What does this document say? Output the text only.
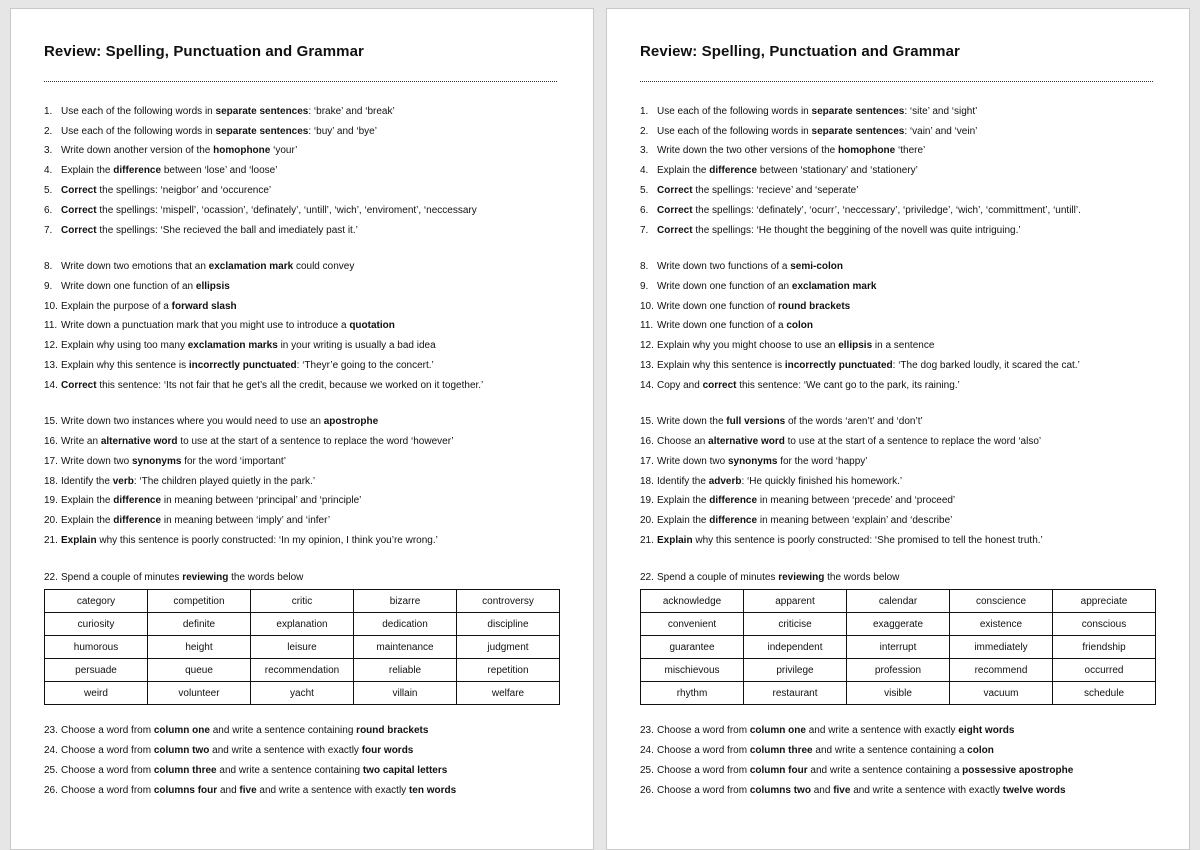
Review: Spelling, Punctuation and Grammar
1. Use each of the following words in separate sentences: ‘brake’ and ‘break’
2. Use each of the following words in separate sentences: ‘buy’ and ‘bye’
3. Write down another version of the homophone ‘your’
4. Explain the difference between ‘lose’ and ‘loose’
5. Correct the spellings: ‘neigbor’ and ‘occurence’
6. Correct the spellings: ‘mispell’, ‘ocassion’, ‘definately’, ‘untill’, ‘wich’, ‘enviroment’, ‘neccessary
7. Correct the spellings: ‘She recieved the ball and imediately past it.’
8. Write down two emotions that an exclamation mark could convey
9. Write down one function of an ellipsis
10. Explain the purpose of a forward slash
11. Write down a punctuation mark that you might use to introduce a quotation
12. Explain why using too many exclamation marks in your writing is usually a bad idea
13. Explain why this sentence is incorrectly punctuated: ‘Theyr’e going to the concert.’
14. Correct this sentence: ‘Its not fair that he get’s all the credit, because we worked on it together.’
15. Write down two instances where you would need to use an apostrophe
16. Write an alternative word to use at the start of a sentence to replace the word ‘however’
17. Write down two synonyms for the word ‘important’
18. Identify the verb: ‘The children played quietly in the park.’
19. Explain the difference in meaning between ‘principal’ and ‘principle’
20. Explain the difference in meaning between ‘imply’ and ‘infer’
21. Explain why this sentence is poorly constructed: ‘In my opinion, I think you’re wrong.’
22. Spend a couple of minutes reviewing the words below
23. Choose a word from column one and write a sentence containing round brackets
24. Choose a word from column two and write a sentence with exactly four words
25. Choose a word from column three and write a sentence containing two capital letters
26. Choose a word from columns four and five and write a sentence with exactly ten words
category	competition	critic	bizarre	controversy
curiosity	definite	explanation	dedication	discipline
humorous	height	leisure	maintenance	judgment
persuade	queue	recommendation	reliable	repetition
weird	volunteer	yacht	villain	welfare
Review: Spelling, Punctuation and Grammar
1. Use each of the following words in separate sentences: ‘site’ and ‘sight’
2. Use each of the following words in separate sentences: ‘vain’ and ‘vein’
3. Write down the two other versions of the homophone ‘there’
4. Explain the difference between ‘stationary’ and ‘stationery’
5. Correct the spellings: ‘recieve’ and ‘seperate’
6. Correct the spellings: ‘definately’, ‘ocurr’, ‘neccessary’, ‘priviledge’, ‘wich’, ‘committment’, ‘untill’.
7. Correct the spellings: ‘He thought the beggining of the novell was quite intriguing.’
8. Write down two functions of a semi-colon
9. Write down one function of an exclamation mark
10. Write down one function of round brackets
11. Write down one function of a colon
12. Explain why you might choose to use an ellipsis in a sentence
13. Explain why this sentence is incorrectly punctuated: ‘The dog barked loudly, it scared the cat.’
14. Copy and correct this sentence: ‘We cant go to the park, its raining.’
15. Write down the full versions of the words ‘aren’t’ and ‘don’t’
16. Choose an alternative word to use at the start of a sentence to replace the word ‘also’
17. Write down two synonyms for the word ‘happy’
18. Identify the adverb: ‘He quickly finished his homework.’
19. Explain the difference in meaning between ‘precede’ and ‘proceed’
20. Explain the difference in meaning between ‘explain’ and ‘describe’
21. Explain why this sentence is poorly constructed: ‘She promised to tell the honest truth.’
22. Spend a couple of minutes reviewing the words below
23. Choose a word from column one and write a sentence with exactly eight words
24. Choose a word from column three and write a sentence containing a colon
25. Choose a word from column four and write a sentence containing a possessive apostrophe
26. Choose a word from columns two and five and write a sentence with exactly twelve words
acknowledge	apparent	calendar	conscience	appreciate
convenient	criticise	exaggerate	existence	conscious
guarantee	independent	interrupt	immediately	friendship
mischievous	privilege	profession	recommend	occurred
rhythm	restaurant	visible	vacuum	schedule
